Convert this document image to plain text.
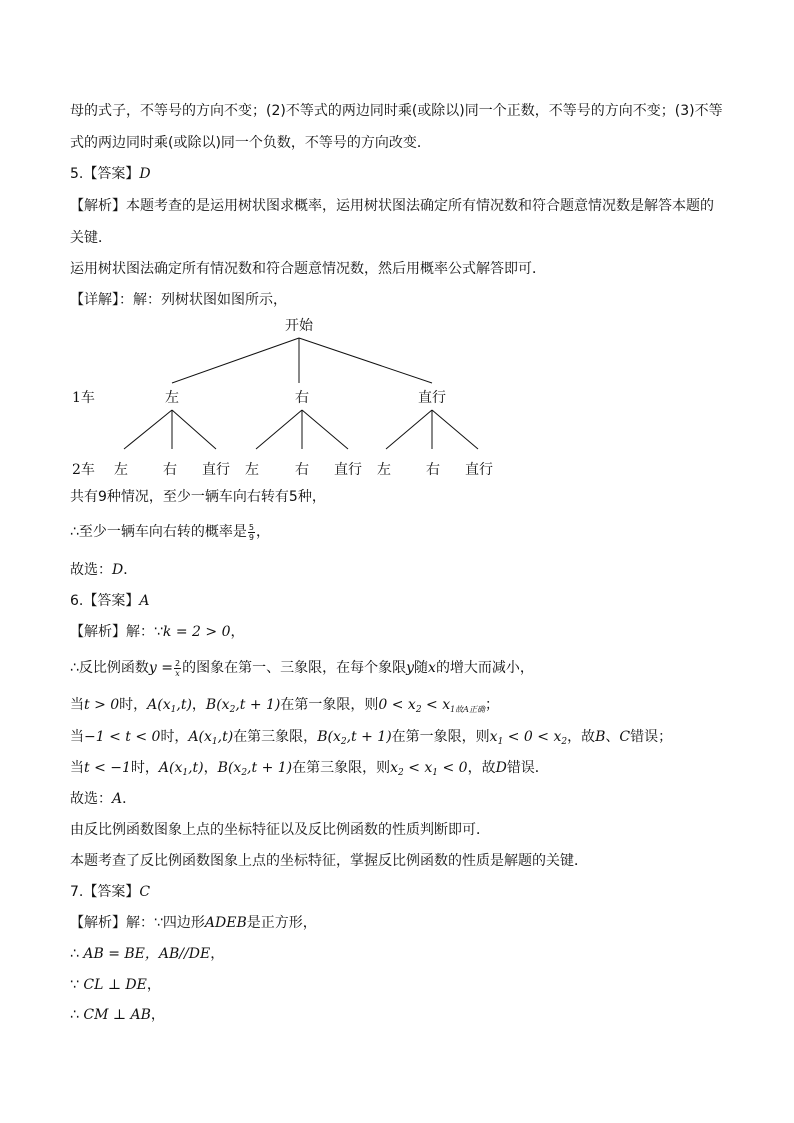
母的式子，不等号的方向不变；(2)不等式的两边同时乘(或除以)同一个正数，不等号的方向不变；(3)不等
式的两边同时乘(或除以)同一个负数，不等号的方向改变．
5.【答案】D
【解析】本题考查的是运用树状图求概率，运用树状图法确定所有情况数和符合题意情况数是解答本题的
关键．
运用树状图法确定所有情况数和符合题意情况数，然后用概率公式解答即可．
【详解】：解：列树状图如图所示，
开始
1车
2车
左	右	直行
左	右 直行 左	右 直行 左	右 直行
共有9种情况，至少一辆车向右转有5种，
∴至少一辆车向右转的概率是 $\frac{5}{9}$ ，
故选：D．
6.【答案】A
【解析】解：∵k = 2 > 0，
∴反比例函数$y = \frac{2}{x}$ 的图象在第一、三象限，在每个象限y随x的增大而减小，
当t > 0时，$A(x_1,t)$，$B(x_2,t + 1)$在第一象限，则$0 < x_2 < x_{1故A正确}$；
当−1 < t < 0时，$A(x_1,t)$在第三象限，$B(x_2,t + 1)$在第一象限，则$x_1 < 0 < x_2$，故B、C错误；
当t < −1时，$A(x_1,t)$，$B(x_2,t + 1)$在第三象限，则$x_2 < x_1 < 0$，故D错误．
故选：A．
由反比例函数图象上点的坐标特征以及反比例函数的性质判断即可．
本题考查了反比例函数图象上点的坐标特征，掌握反比例函数的性质是解题的关键．
7.【答案】C
【解析】解：∵四边形ADEB是正方形，
∴ AB = BE，AB//DE，
∵ CL ⊥ DE，
∴ CM ⊥ AB，
